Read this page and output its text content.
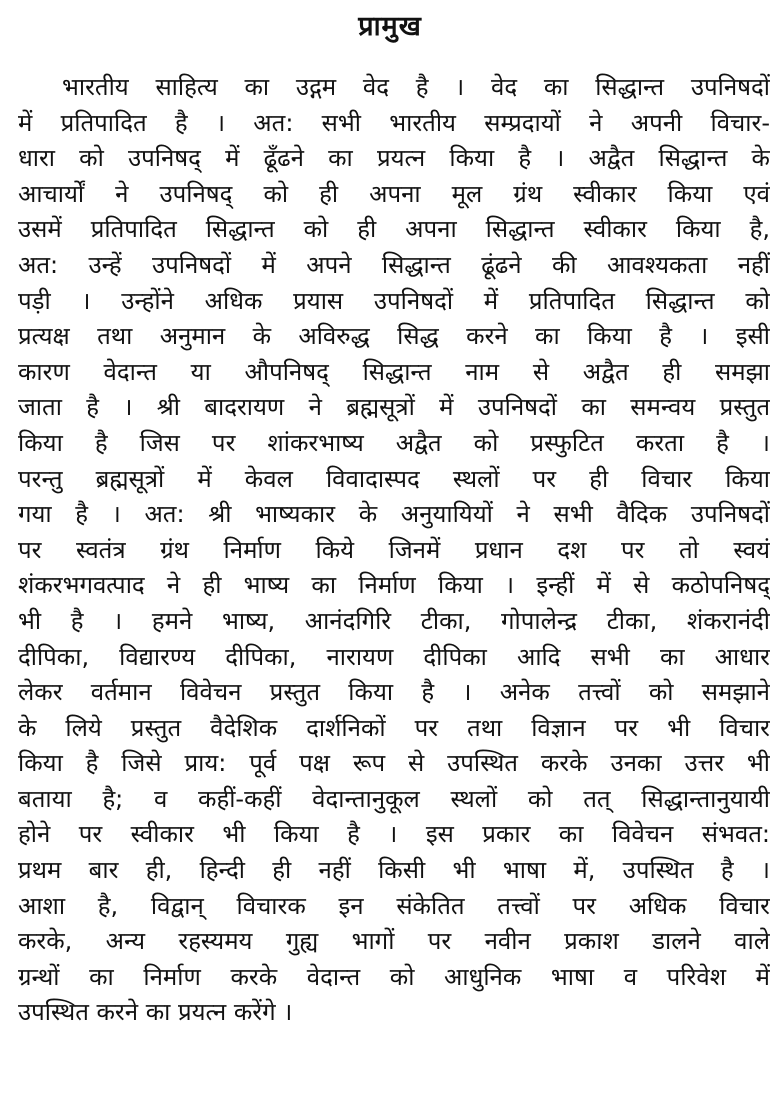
प्रामुख
भारतीय साहित्य का उद्गम वेद है । वेद का सिद्धान्त उपनिषदों
में प्रतिपादित है । अत: सभी भारतीय सम्प्रदायों ने अपनी विचार-
धारा को उपनिषद् में ढूँढने का प्रयत्न किया है । अद्वैत सिद्धान्त के
आचार्यों ने उपनिषद् को ही अपना मूल ग्रंथ स्वीकार किया एवं
उसमें प्रतिपादित सिद्धान्त को ही अपना सिद्धान्त स्वीकार किया है,
अत: उन्हें उपनिषदों में अपने सिद्धान्त ढूंढने की आवश्यकता नहीं
पड़ी । उन्होंने अधिक प्रयास उपनिषदों में प्रतिपादित सिद्धान्त को
प्रत्यक्ष तथा अनुमान के अविरुद्ध सिद्ध करने का किया है । इसी
कारण वेदान्त या औपनिषद् सिद्धान्त नाम से अद्वैत ही समझा
जाता है । श्री बादरायण ने ब्रह्मसूत्रों में उपनिषदों का समन्वय प्रस्तुत
किया है जिस पर शांकरभाष्य अद्वैत को प्रस्फुटित करता है ।
परन्तु ब्रह्मसूत्रों में केवल विवादास्पद स्थलों पर ही विचार किया
गया है । अत: श्री भाष्यकार के अनुयायियों ने सभी वैदिक उपनिषदों
पर स्वतंत्र ग्रंथ निर्माण किये जिनमें प्रधान दश पर तो स्वयं
शंकरभगवत्पाद ने ही भाष्य का निर्माण किया । इन्हीं में से कठोपनिषद्
भी है । हमने भाष्य, आनंदगिरि टीका, गोपालेन्द्र टीका, शंकरानंदी
दीपिका, विद्यारण्य दीपिका, नारायण दीपिका आदि सभी का आधार
लेकर वर्तमान विवेचन प्रस्तुत किया है । अनेक तत्त्वों को समझाने
के लिये प्रस्तुत वैदेशिक दार्शनिकों पर तथा विज्ञान पर भी विचार
किया है जिसे प्राय: पूर्व पक्ष रूप से उपस्थित करके उनका उत्तर भी
बताया है; व कहीं-कहीं वेदान्तानुकूल स्थलों को तत् सिद्धान्तानुयायी
होने पर स्वीकार भी किया है । इस प्रकार का विवेचन संभवत:
प्रथम बार ही, हिन्दी ही नहीं किसी भी भाषा में, उपस्थित है ।
आशा है, विद्वान् विचारक इन संकेतित तत्त्वों पर अधिक विचार
करके, अन्य रहस्यमय गुह्य भागों पर नवीन प्रकाश डालने वाले
ग्रन्थों का निर्माण करके वेदान्त को आधुनिक भाषा व परिवेश में
उपस्थित करने का प्रयत्न करेंगे ।
